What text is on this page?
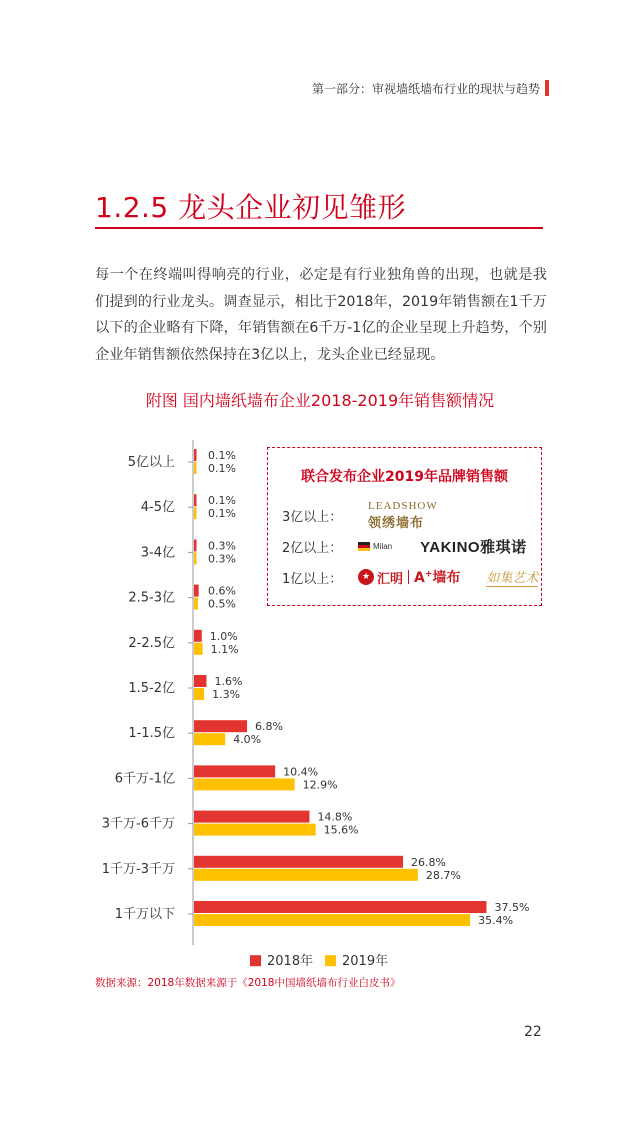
第一部分：审视墙纸墙布行业的现状与趋势
1.2.5 龙头企业初见雏形

每一个在终端叫得响亮的行业，必定是有行业独角兽的出现，也就是我们提到的行业龙头。调查显示，相比于2018年，2019年销售额在1千万以下的企业略有下降，年销售额在6千万-1亿的企业呈现上升趋势，个别企业年销售额依然保持在3亿以上，龙头企业已经显现。

附图 国内墙纸墙布企业2018-2019年销售额情况
5亿以上	0.1%
0.1%
4-5亿	0.1%
0.1%
3-4亿	0.3%
0.3%
2.5-3亿	0.6%
0.5%
2-2.5亿	1.0%
1.1%
1.5-2亿	1.6%
1.3%
1-1.5亿	6.8%
4.0%
6千万-1亿	10.4%
12.9%
3千万-6千万	14.8%
15.6%
1千万-3千万	26.8%
28.7%
1千万以下	37.5%
35.4%
2018年 2019年
联合发布企业2019年品牌销售额
3亿以上：
LEADSHOW
领绣墙布
2亿以上：	Milan YAKINO雅琪诺
1亿以上：	★ 汇明 A+墙布 如集艺术
数据来源：2018年数据来源于《2018中国墙纸墙布行业白皮书》
22
